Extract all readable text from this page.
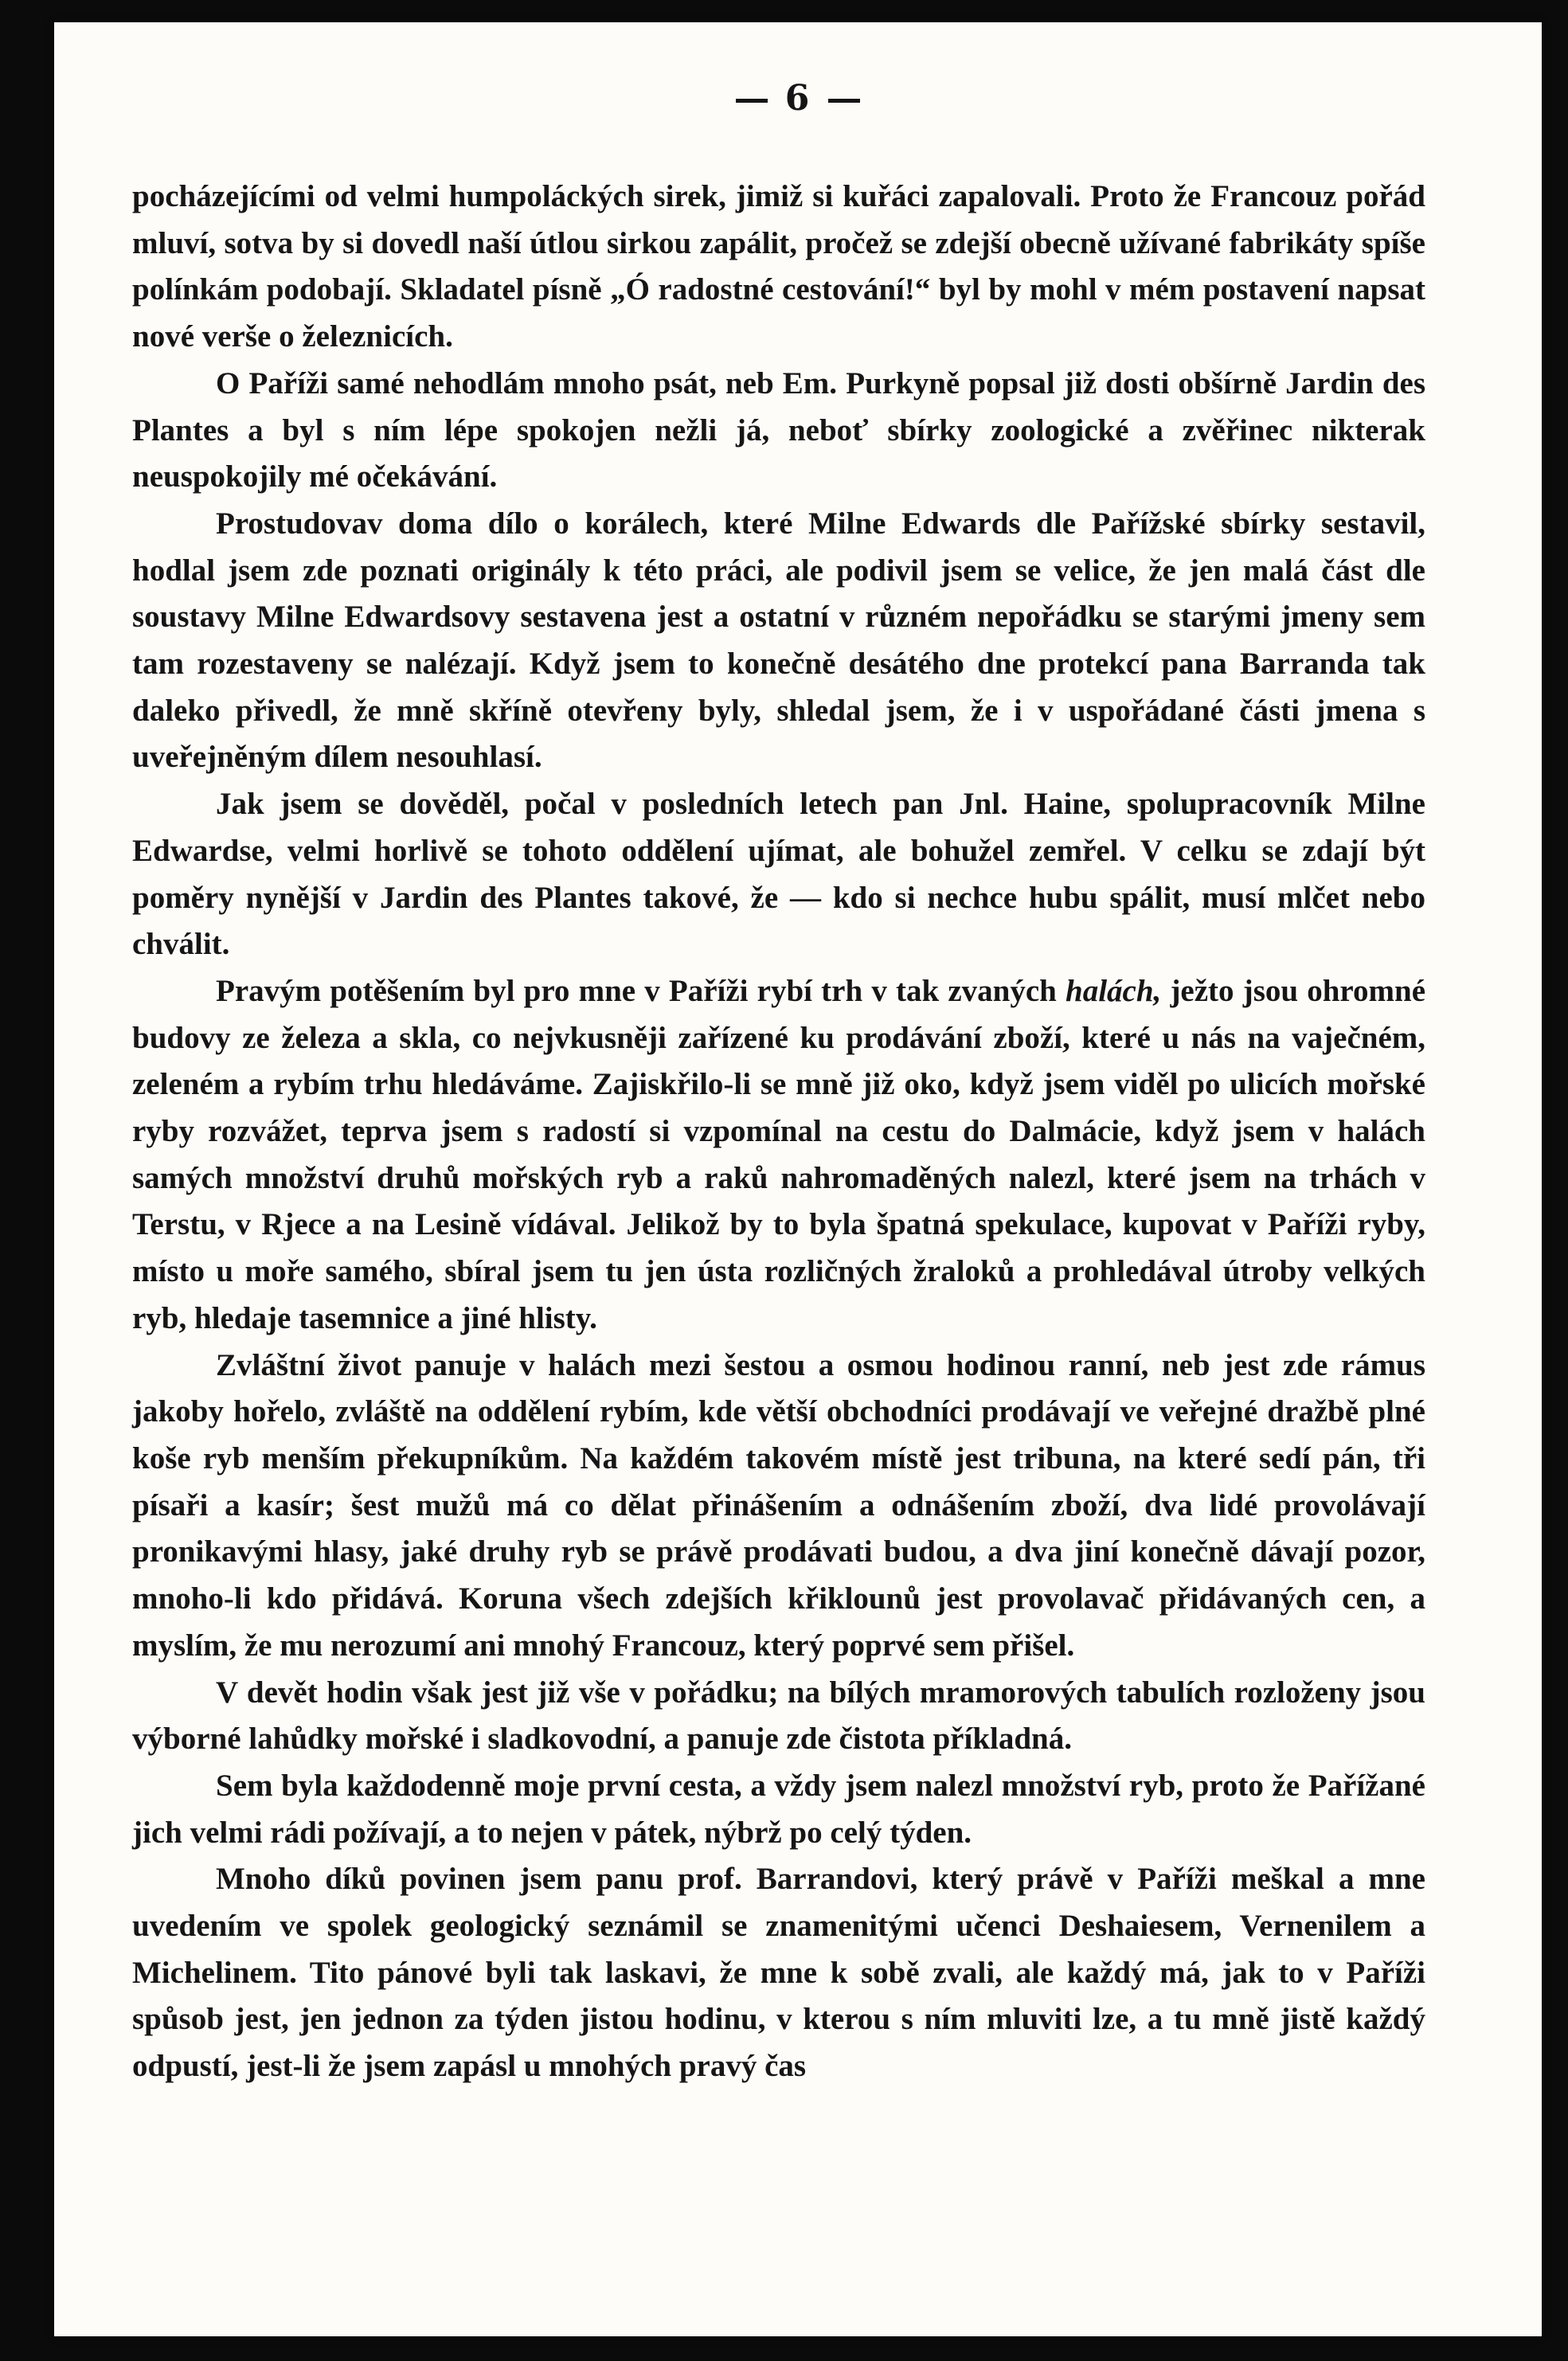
6

pocházejícími od velmi humpoláckých sirek, jimiž si kuřáci zapalovali. Proto že Francouz pořád mluví, sotva by si dovedl naší útlou sirkou zapálit, pročež se zdejší obecně užívané fabrikáty spíše polínkám podobají. Skladatel písně „Ó radostné cestování!“ byl by mohl v mém postavení napsat nové verše o železnicích.

O Paříži samé nehodlám mnoho psát, neb Em. Purkyně popsal již dosti obšírně Jardin des Plantes a byl s ním lépe spokojen nežli já, neboť sbírky zoologické a zvěřinec nikterak neuspokojily mé očekávání.

Prostudovav doma dílo o korálech, které Milne Edwards dle Pařížské sbírky sestavil, hodlal jsem zde poznati originály k této práci, ale podivil jsem se velice, že jen malá část dle soustavy Milne Edwardsovy sestavena jest a ostatní v různém nepořádku se starými jmeny sem tam rozestaveny se nalézají. Když jsem to konečně desátého dne protekcí pana Barranda tak daleko přivedl, že mně skříně otevřeny byly, shledal jsem, že i v uspořádané části jmena s uveřejněným dílem nesouhlasí.

Jak jsem se dověděl, počal v posledních letech pan Jnl. Haine, spolupracovník Milne Edwardse, velmi horlivě se tohoto oddělení ujímat, ale bohužel zemřel. V celku se zdají být poměry nynější v Jardin des Plantes takové, že — kdo si nechce hubu spálit, musí mlčet nebo chválit.

Pravým potěšením byl pro mne v Paříži rybí trh v tak zvaných halách, ježto jsou ohromné budovy ze železa a skla, co nejvkusněji zařízené ku prodávání zboží, které u nás na vaječném, zeleném a rybím trhu hledáváme. Zajiskřilo-li se mně již oko, když jsem viděl po ulicích mořské ryby rozvážet, teprva jsem s radostí si vzpomínal na cestu do Dalmácie, když jsem v halách samých množství druhů mořských ryb a raků nahromaděných nalezl, které jsem na trhách v Terstu, v Rjece a na Lesině vídával. Jelikož by to byla špatná spekulace, kupovat v Paříži ryby, místo u moře samého, sbíral jsem tu jen ústa rozličných žraloků a prohledával útroby velkých ryb, hledaje tasemnice a jiné hlisty.

Zvláštní život panuje v halách mezi šestou a osmou hodinou ranní, neb jest zde rámus jakoby hořelo, zvláště na oddělení rybím, kde větší obchodníci prodávají ve veřejné dražbě plné koše ryb menším překupníkům. Na každém takovém místě jest tribuna, na které sedí pán, tři písaři a kasír; šest mužů má co dělat přinášením a odnášením zboží, dva lidé provolávají pronikavými hlasy, jaké druhy ryb se právě prodávati budou, a dva jiní konečně dávají pozor, mnoho-li kdo přidává. Koruna všech zdejších křiklounů jest provolavač přidávaných cen, a myslím, že mu nerozumí ani mnohý Francouz, který poprvé sem přišel.

V devět hodin však jest již vše v pořádku; na bílých mramorových tabulích rozloženy jsou výborné lahůdky mořské i sladkovodní, a panuje zde čistota příkladná.

Sem byla každodenně moje první cesta, a vždy jsem nalezl množství ryb, proto že Pařížané jich velmi rádi požívají, a to nejen v pátek, nýbrž po celý týden.

Mnoho díků povinen jsem panu prof. Barrandovi, který právě v Paříži meškal a mne uvedením ve spolek geologický seznámil se znamenitými učenci Deshaiesem, Vernenilem a Michelinem. Tito pánové byli tak laskavi, že mne k sobě zvali, ale každý má, jak to v Paříži spůsob jest, jen jednon za týden jistou hodinu, v kterou s ním mluviti lze, a tu mně jistě každý odpustí, jest-li že jsem zapásl u mnohých pravý čas
